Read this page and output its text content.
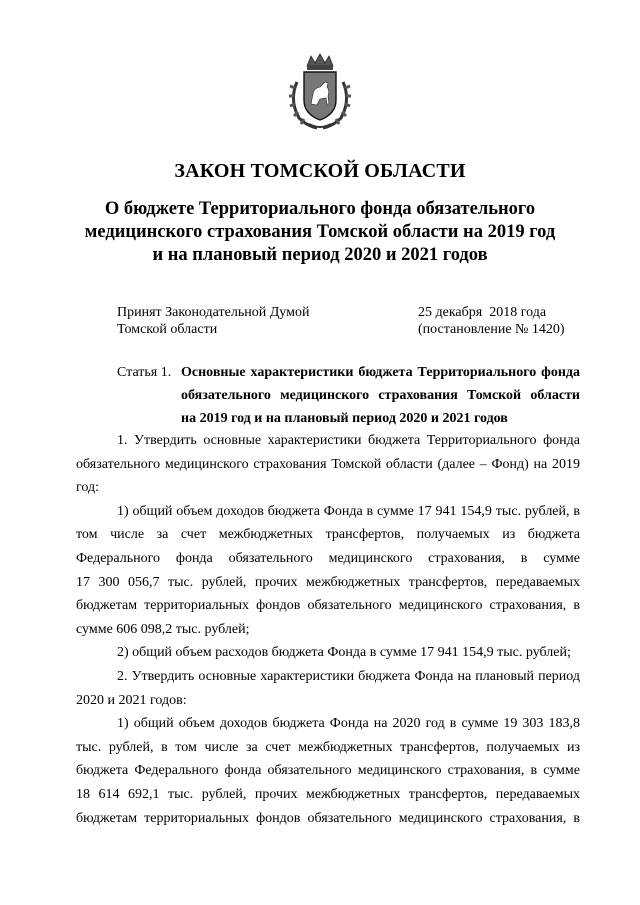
ЗАКОН ТОМСКОЙ ОБЛАСТИ
О бюджете Территориального фонда обязательного
медицинского страхования Томской области на 2019 год
и на плановый период 2020 и 2021 годов
Принят Законодательной Думой
Томской области
25 декабря  2018 года
(постановление № 1420)
Статья 1. Основные характеристики бюджета Территориального фонда
обязательного медицинского страхования Томской области
на 2019 год и на плановый период 2020 и 2021 годов
1. Утвердить основные характеристики бюджета Территориального фонда
обязательного медицинского страхования Томской области (далее – Фонд) на 2019
год:
1) общий объем доходов бюджета Фонда в сумме 17 941 154,9 тыс. рублей, в
том числе за счет межбюджетных трансфертов, получаемых из бюджета
Федерального фонда обязательного медицинского страхования, в сумме
17 300 056,7 тыс. рублей, прочих межбюджетных трансфертов, передаваемых
бюджетам территориальных фондов обязательного медицинского страхования, в
сумме 606 098,2 тыс. рублей;
2) общий объем расходов бюджета Фонда в сумме 17 941 154,9 тыс. рублей;
2. Утвердить основные характеристики бюджета Фонда на плановый период
2020 и 2021 годов:
1) общий объем доходов бюджета Фонда на 2020 год в сумме 19 303 183,8
тыс. рублей, в том числе за счет межбюджетных трансфертов, получаемых из
бюджета Федерального фонда обязательного медицинского страхования, в сумме
18 614 692,1 тыс. рублей, прочих межбюджетных трансфертов, передаваемых
бюджетам территориальных фондов обязательного медицинского страхования, в
